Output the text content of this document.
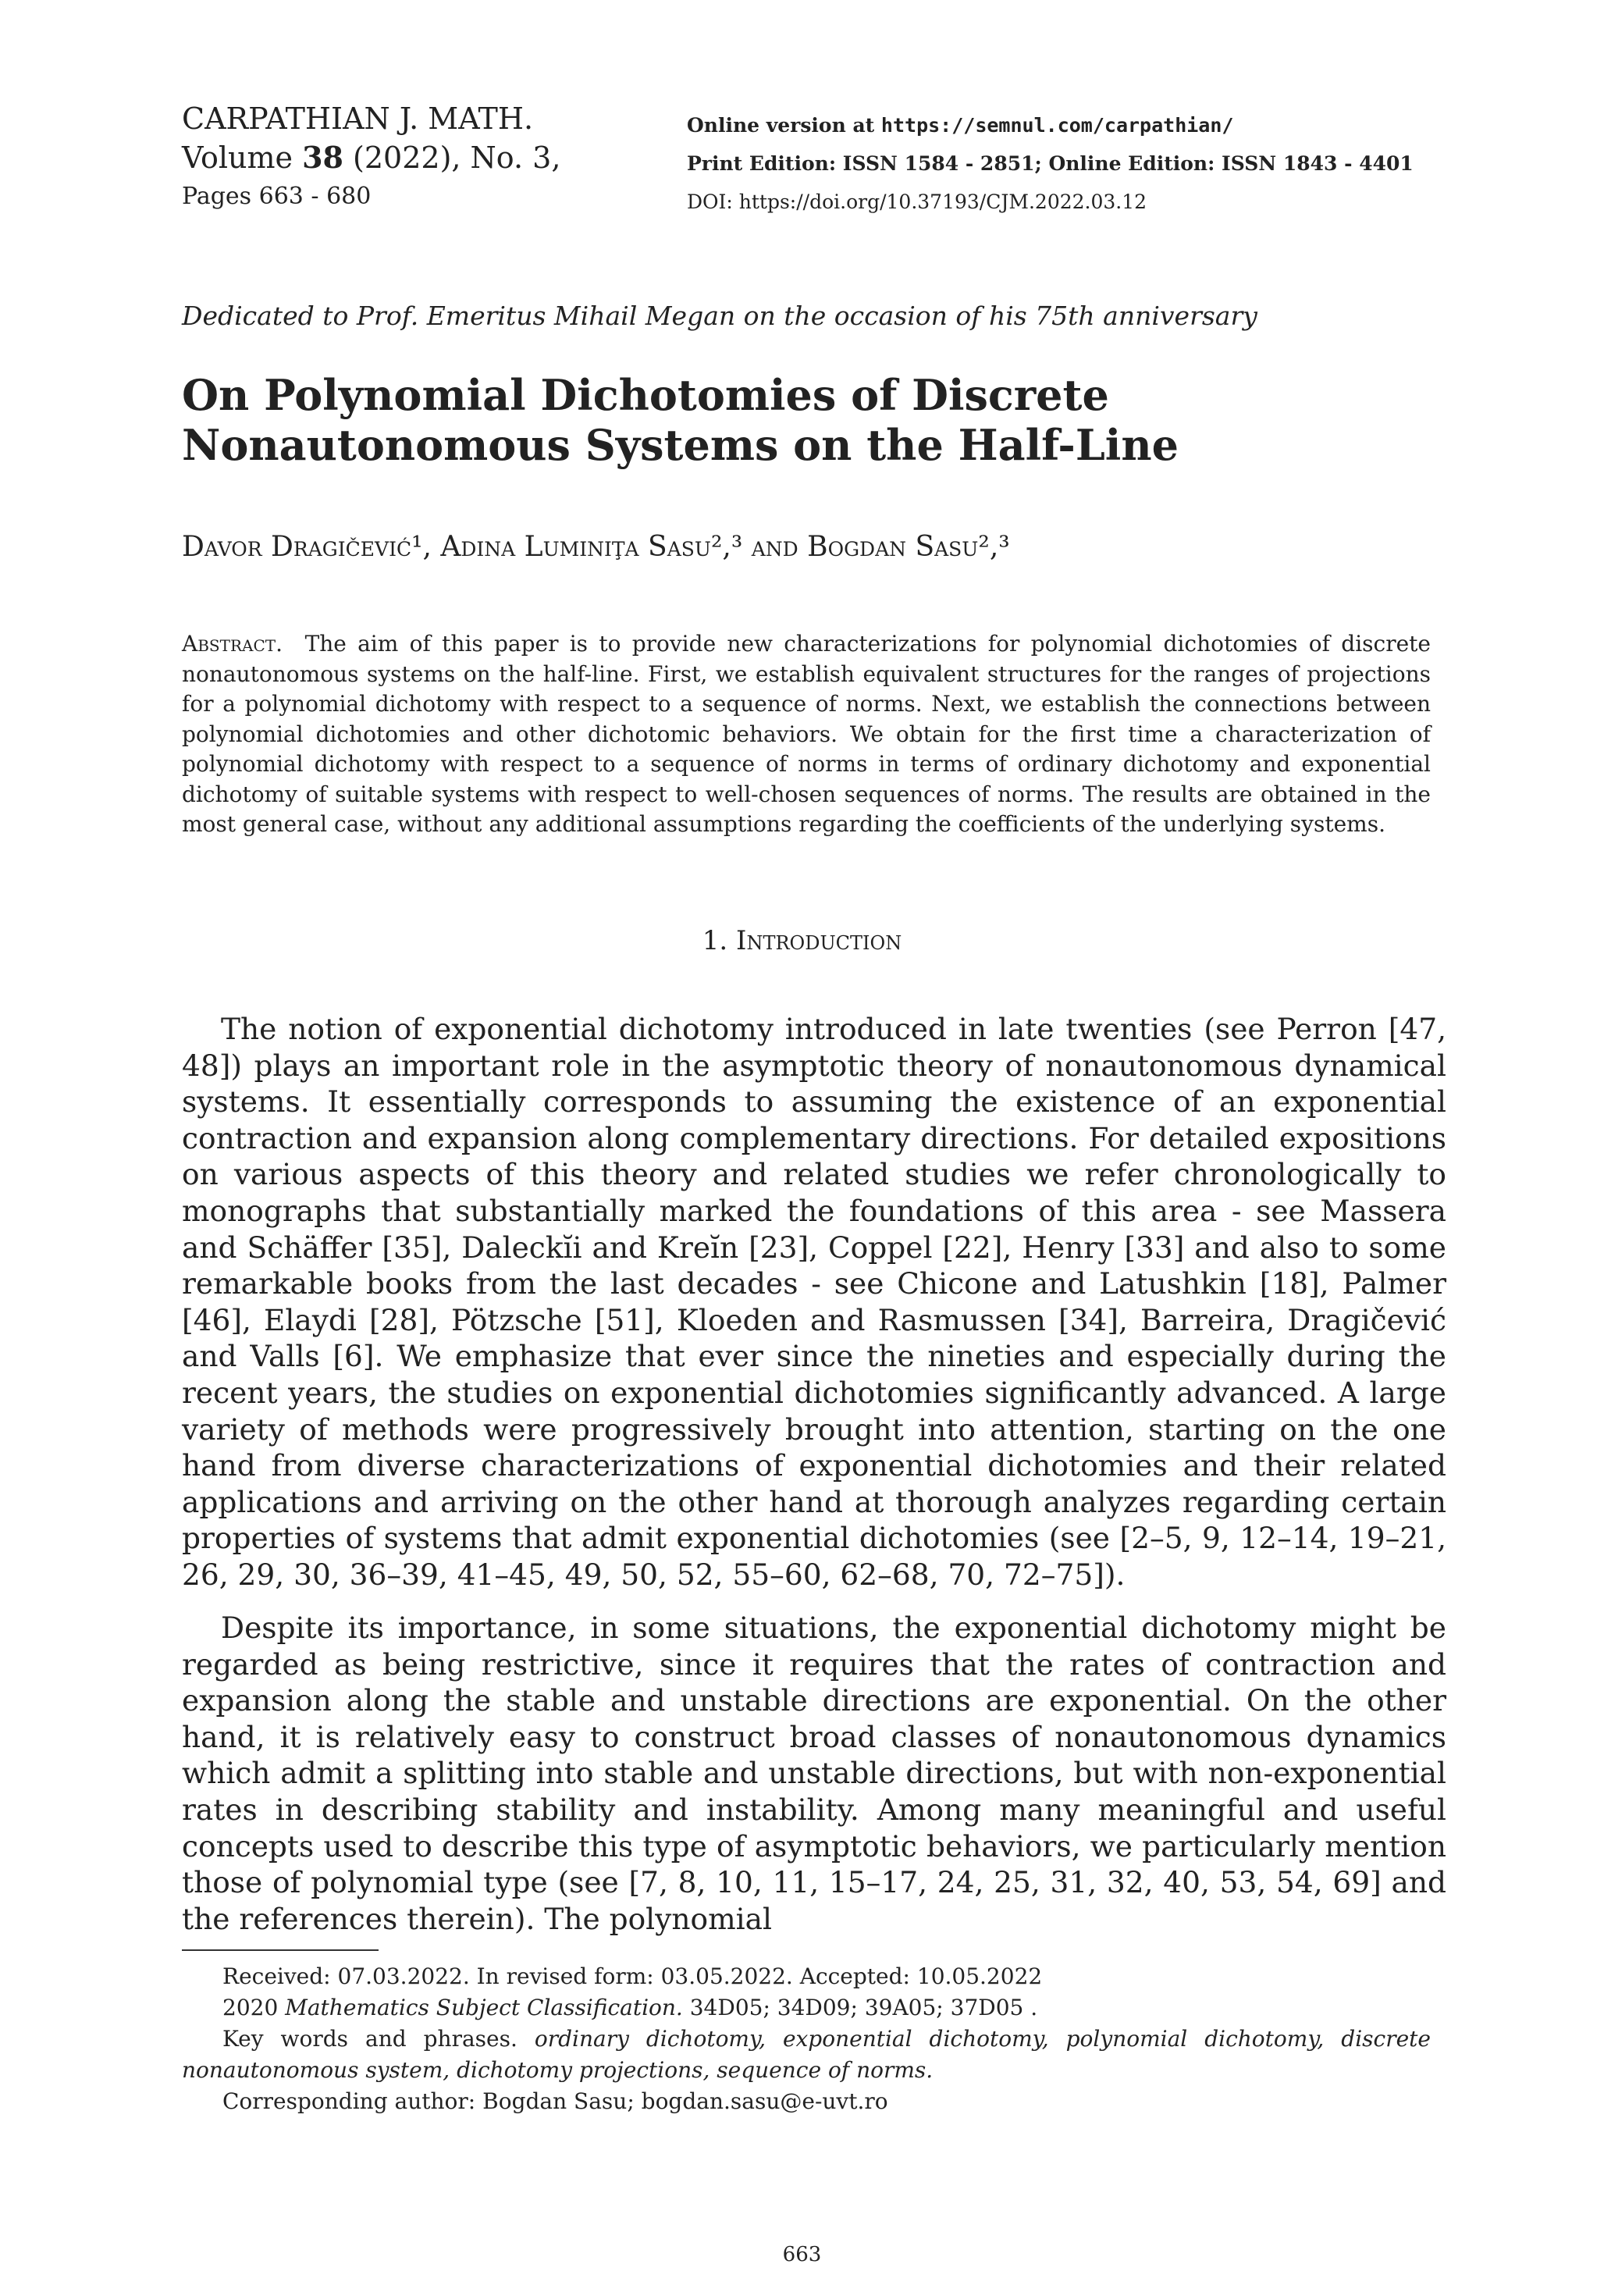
CARPATHIAN J. MATH.
Volume 38 (2022), No. 3,
Pages 663 - 680
Online version at https://semnul.com/carpathian/
Print Edition: ISSN 1584 - 2851; Online Edition: ISSN 1843 - 4401
DOI: https://doi.org/10.37193/CJM.2022.03.12
Dedicated to Prof. Emeritus Mihail Megan on the occasion of his 75th anniversary
On Polynomial Dichotomies of Discrete Nonautonomous Systems on the Half-Line
Davor Dragičević¹, Adina Luminiţa Sasu²,³ and Bogdan Sasu²,³
Abstract. The aim of this paper is to provide new characterizations for polynomial dichotomies of discrete nonautonomous systems on the half-line. First, we establish equivalent structures for the ranges of projections for a polynomial dichotomy with respect to a sequence of norms. Next, we establish the connections between polynomial dichotomies and other dichotomic behaviors. We obtain for the first time a characterization of polynomial dichotomy with respect to a sequence of norms in terms of ordinary dichotomy and exponential dichotomy of suitable systems with respect to well-chosen sequences of norms. The results are obtained in the most general case, without any additional assumptions regarding the coefficients of the underlying systems.
1. Introduction

The notion of exponential dichotomy introduced in late twenties (see Perron [47, 48]) plays an important role in the asymptotic theory of nonautonomous dynamical systems. It essentially corresponds to assuming the existence of an exponential contraction and expansion along complementary directions. For detailed expositions on various aspects of this theory and related studies we refer chronologically to monographs that substantially marked the foundations of this area - see Massera and Schäffer [35], Daleckĭi and Kreĭn [23], Coppel [22], Henry [33] and also to some remarkable books from the last decades - see Chicone and Latushkin [18], Palmer [46], Elaydi [28], Pötzsche [51], Kloeden and Rasmussen [34], Barreira, Dragičević and Valls [6]. We emphasize that ever since the nineties and especially during the recent years, the studies on exponential dichotomies significantly advanced. A large variety of methods were progressively brought into attention, starting on the one hand from diverse characterizations of exponential dichotomies and their related applications and arriving on the other hand at thorough analyzes regarding certain properties of systems that admit exponential dichotomies (see [2–5, 9, 12–14, 19–21, 26, 29, 30, 36–39, 41–45, 49, 50, 52, 55–60, 62–68, 70, 72–75]).

Despite its importance, in some situations, the exponential dichotomy might be regarded as being restrictive, since it requires that the rates of contraction and expansion along the stable and unstable directions are exponential. On the other hand, it is relatively easy to construct broad classes of nonautonomous dynamics which admit a splitting into stable and unstable directions, but with non-exponential rates in describing stability and instability. Among many meaningful and useful concepts used to describe this type of asymptotic behaviors, we particularly mention those of polynomial type (see [7, 8, 10, 11, 15–17, 24, 25, 31, 32, 40, 53, 54, 69] and the references therein). The polynomial

Received: 07.03.2022. In revised form: 03.05.2022. Accepted: 10.05.2022

2020 Mathematics Subject Classification. 34D05; 34D09; 39A05; 37D05 .

Key words and phrases. ordinary dichotomy, exponential dichotomy, polynomial dichotomy, discrete nonautonomous system, dichotomy projections, sequence of norms.

Corresponding author: Bogdan Sasu; bogdan.sasu@e-uvt.ro

663
